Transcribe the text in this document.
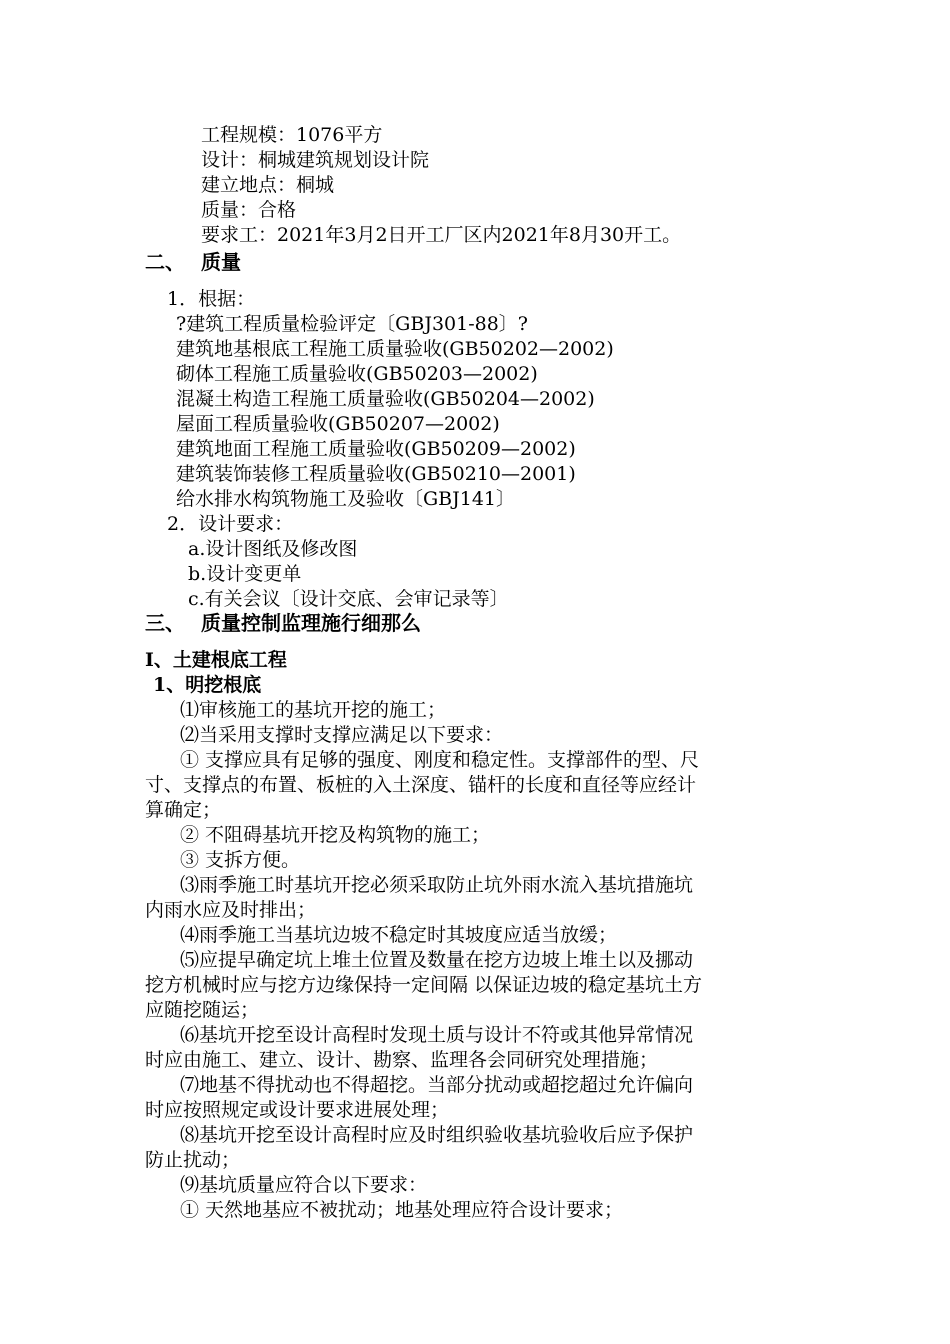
工程规模：1076平方
设计：桐城建筑规划设计院
建立地点：桐城
质量：合格
要求工：2021年3月2日开工厂区内2021年8月30开工。
二、 质量
1．根据：
?建筑工程质量检验评定〔GBJ301-88〕?
建筑地基根底工程施工质量验收(GB50202—2002)
砌体工程施工质量验收(GB50203—2002)
混凝土构造工程施工质量验收(GB50204—2002)
屋面工程质量验收(GB50207—2002)
建筑地面工程施工质量验收(GB50209—2002)
建筑装饰装修工程质量验收(GB50210—2001)
给水排水构筑物施工及验收〔GBJ141〕
2．设计要求：
a.设计图纸及修改图
b.设计变更单
c.有关会议〔设计交底、会审记录等〕
三、 质量控制监理施行细那么
Ⅰ、土建根底工程
1、明挖根底
⑴审核施工的基坑开挖的施工；
⑵当采用支撑时支撑应满足以下要求：
① 支撑应具有足够的强度、刚度和稳定性。支撑部件的型、尺
寸、支撑点的布置、板桩的入土深度、锚杆的长度和直径等应经计
算确定；
② 不阻碍基坑开挖及构筑物的施工；
③ 支拆方便。
⑶雨季施工时基坑开挖必须采取防止坑外雨水流入基坑措施坑
内雨水应及时排出；
⑷雨季施工当基坑边坡不稳定时其坡度应适当放缓；
⑸应提早确定坑上堆土位置及数量在挖方边坡上堆土以及挪动
挖方机械时应与挖方边缘保持一定间隔 以保证边坡的稳定基坑土方
应随挖随运；
⑹基坑开挖至设计高程时发现土质与设计不符或其他异常情况
时应由施工、建立、设计、勘察、监理各会同研究处理措施；
⑺地基不得扰动也不得超挖。当部分扰动或超挖超过允许偏向
时应按照规定或设计要求进展处理；
⑻基坑开挖至设计高程时应及时组织验收基坑验收后应予保护
防止扰动；
⑼基坑质量应符合以下要求：
① 天然地基应不被扰动；地基处理应符合设计要求；
